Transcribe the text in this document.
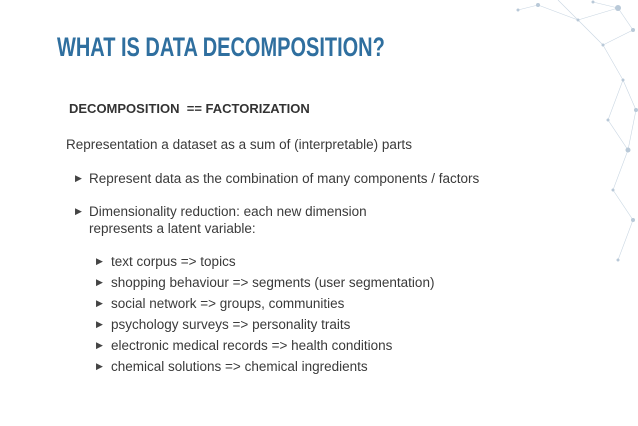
WHAT IS DATA DECOMPOSITION?
DECOMPOSITION  == FACTORIZATION
Representation a dataset as a sum of (interpretable) parts
▶ Represent data as the combination of many components / factors
▶ Dimensionality reduction: each new dimension
represents a latent variable:
▶ text corpus => topics
▶ shopping behaviour => segments (user segmentation)
▶ social network => groups, communities
▶ psychology surveys => personality traits
▶ electronic medical records => health conditions
▶ chemical solutions => chemical ingredients
